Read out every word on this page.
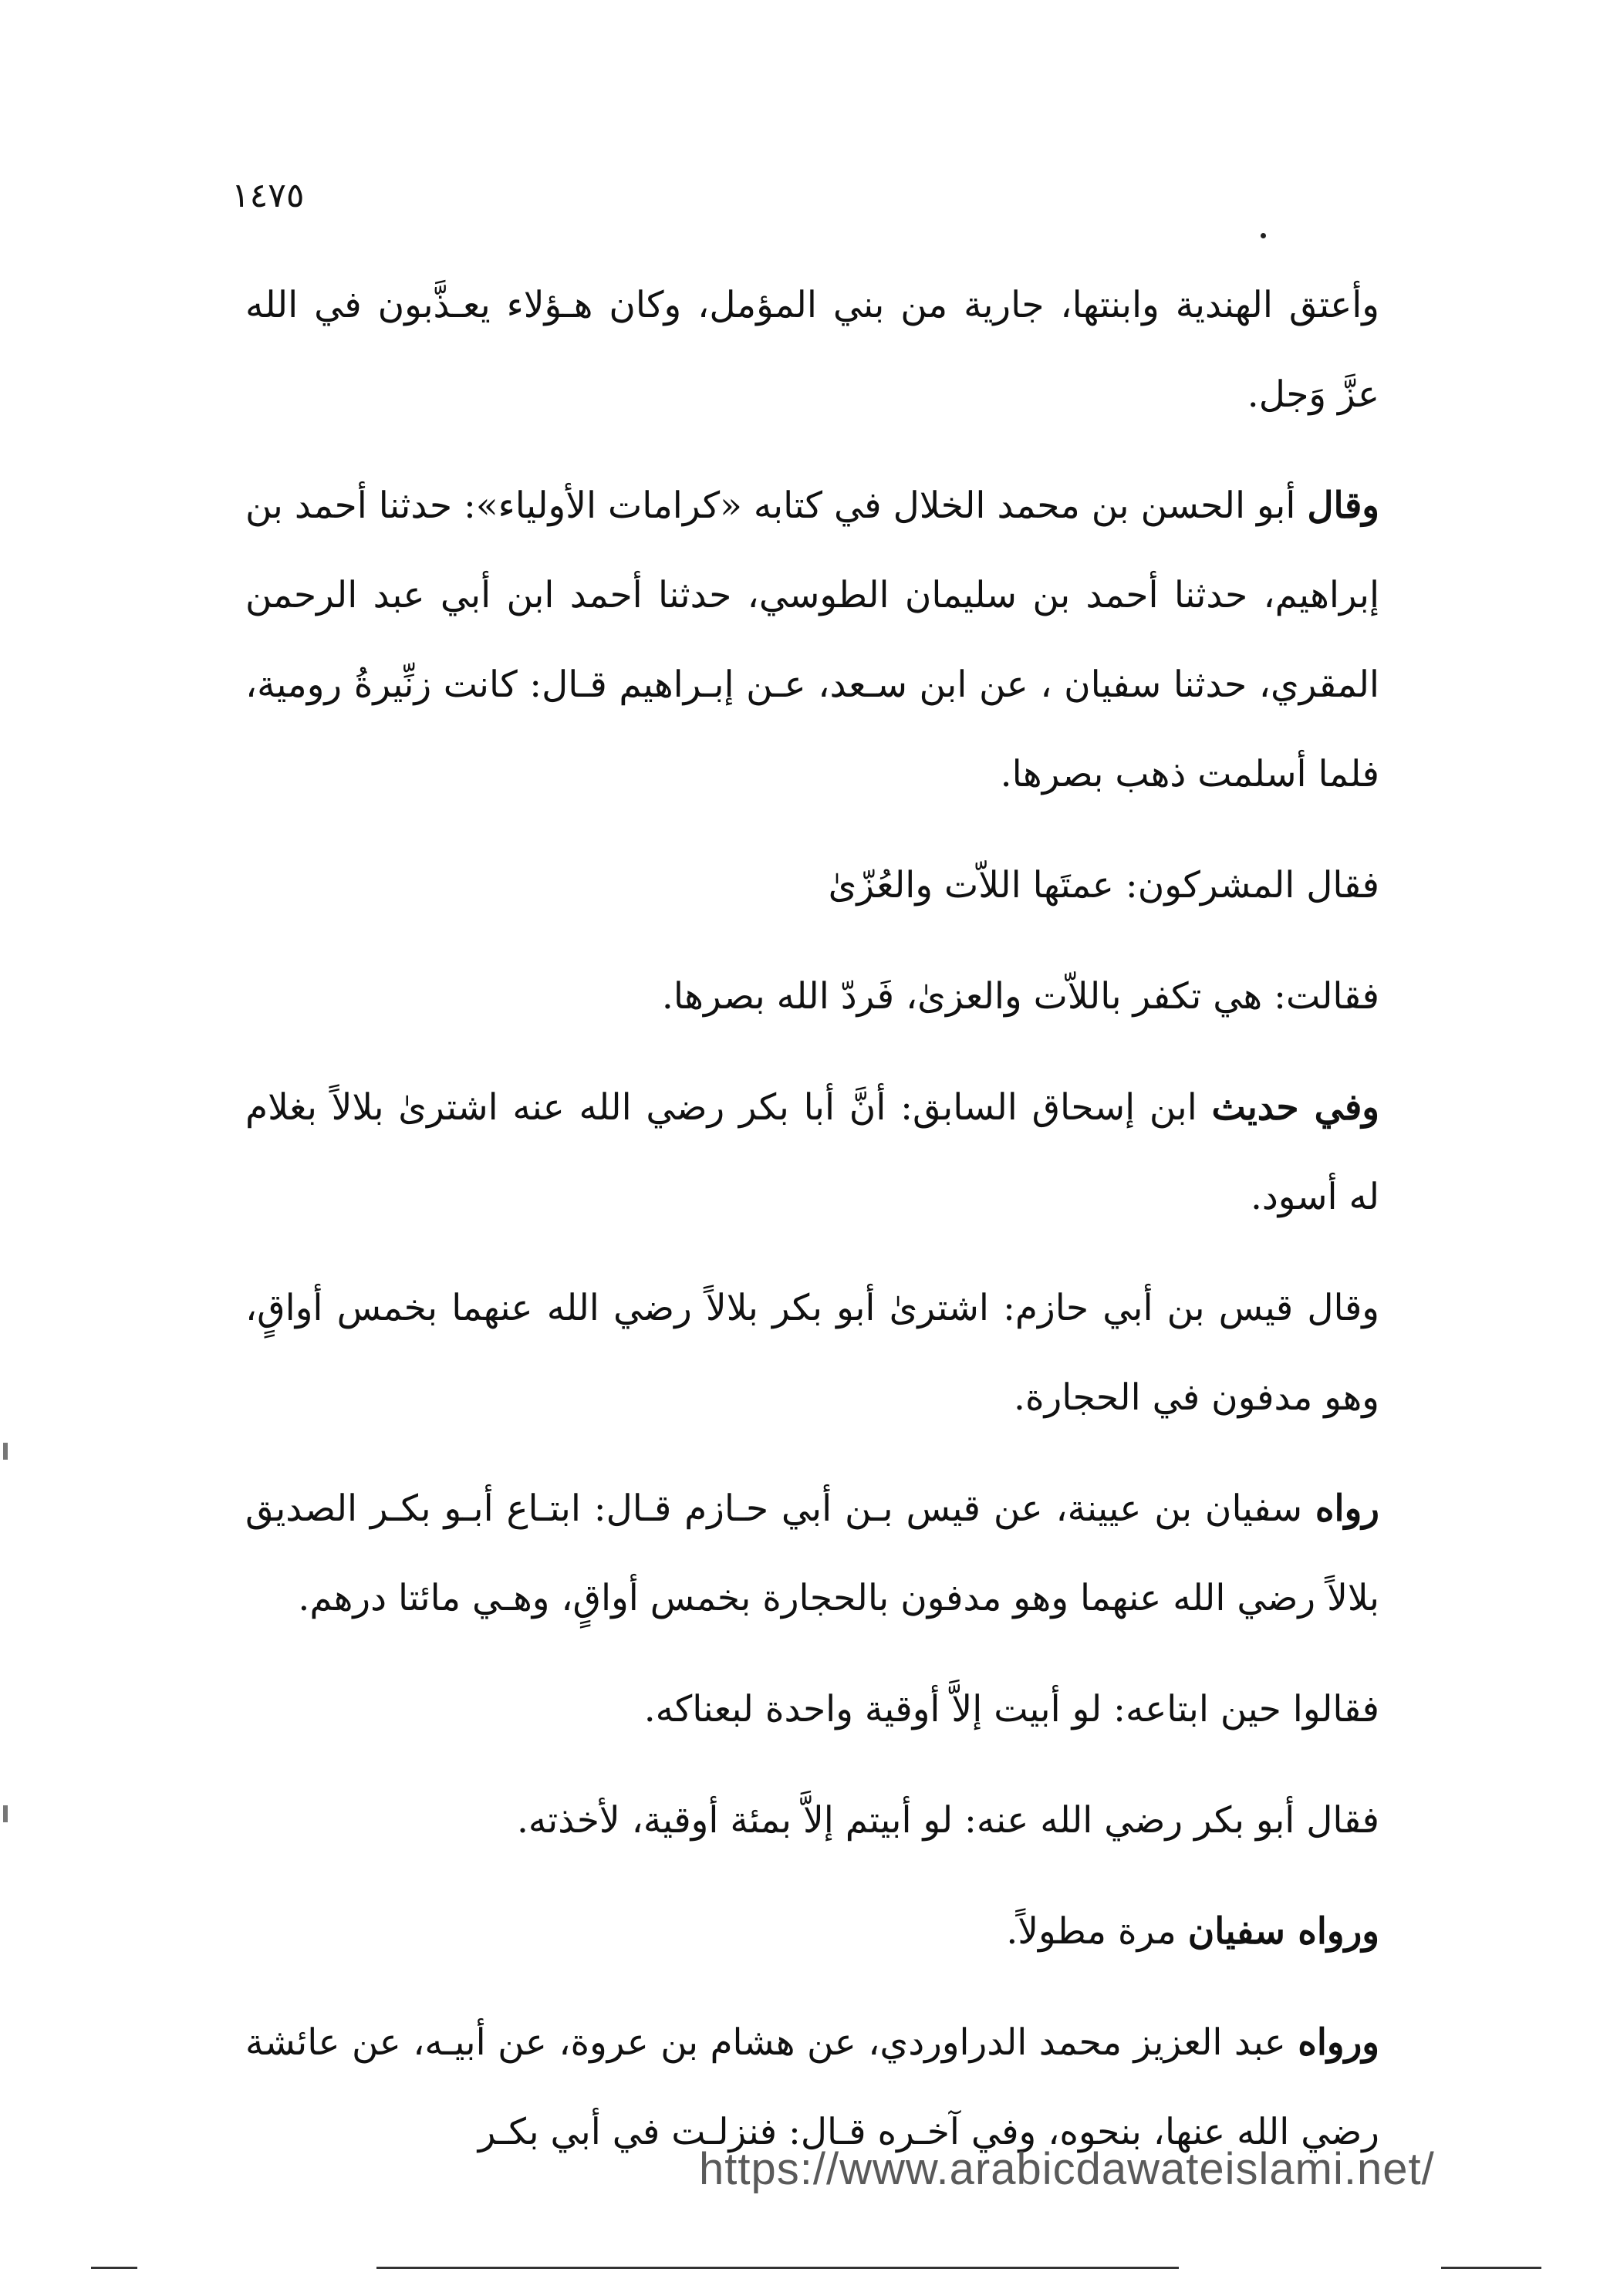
١٤٧٥

وأعتق الهندية وابنتها، جارية من بني المؤمل، وكان هـؤلاء يعـذَّبون في الله عزَّ وَجل.

وقال أبو الحسن بن محمد الخلال في كتابه «كرامات الأولياء»: حدثنا أحمد بن إبراهيم، حدثنا أحمد بن سليمان الطوسي، حدثنا أحمد ابن أبي عبد الرحمن المقري، حدثنا سفيان ، عن ابن سـعد، عـن إبـراهيم قـال: كانت زنِّيرةُ رومية، فلما أسلمت ذهب بصرها.

فقال المشركون: عمتَها اللاّت والعُزّىٰ

فقالت: هي تكفر باللاّت والعزىٰ، فَردّ الله بصرها.

وفي حديث ابن إسحاق السابق: أنَّ أبا بكر رضي الله عنه اشترىٰ بلالاً بغلام له أسود.

وقال قيس بن أبي حازم: اشترىٰ أبو بكر بلالاً رضي الله عنهما بخمس أواقٍ، وهو مدفون في الحجارة.

رواه سفيان بن عيينة، عن قيس بـن أبي حـازم قـال: ابتـاع أبـو بكـر الصديق بلالاً رضي الله عنهما وهو مدفون بالحجارة بخمس أواقٍ، وهـي مائتا درهم.

فقالوا حين ابتاعه: لو أبيت إلاَّ أوقية واحدة لبعناكه.

فقال أبو بكر رضي الله عنه: لو أبيتم إلاَّ بمئة أوقية، لأخذته.

ورواه سفيان مرة مطولاً.

ورواه عبد العزيز محمد الدراوردي، عن هشام بن عروة، عن أبيـه، عن عائشة رضي الله عنها، بنحوه، وفي آخـره قـال: فنزلـت في أبي بكـر

https://www.arabicdawateislami.net/
